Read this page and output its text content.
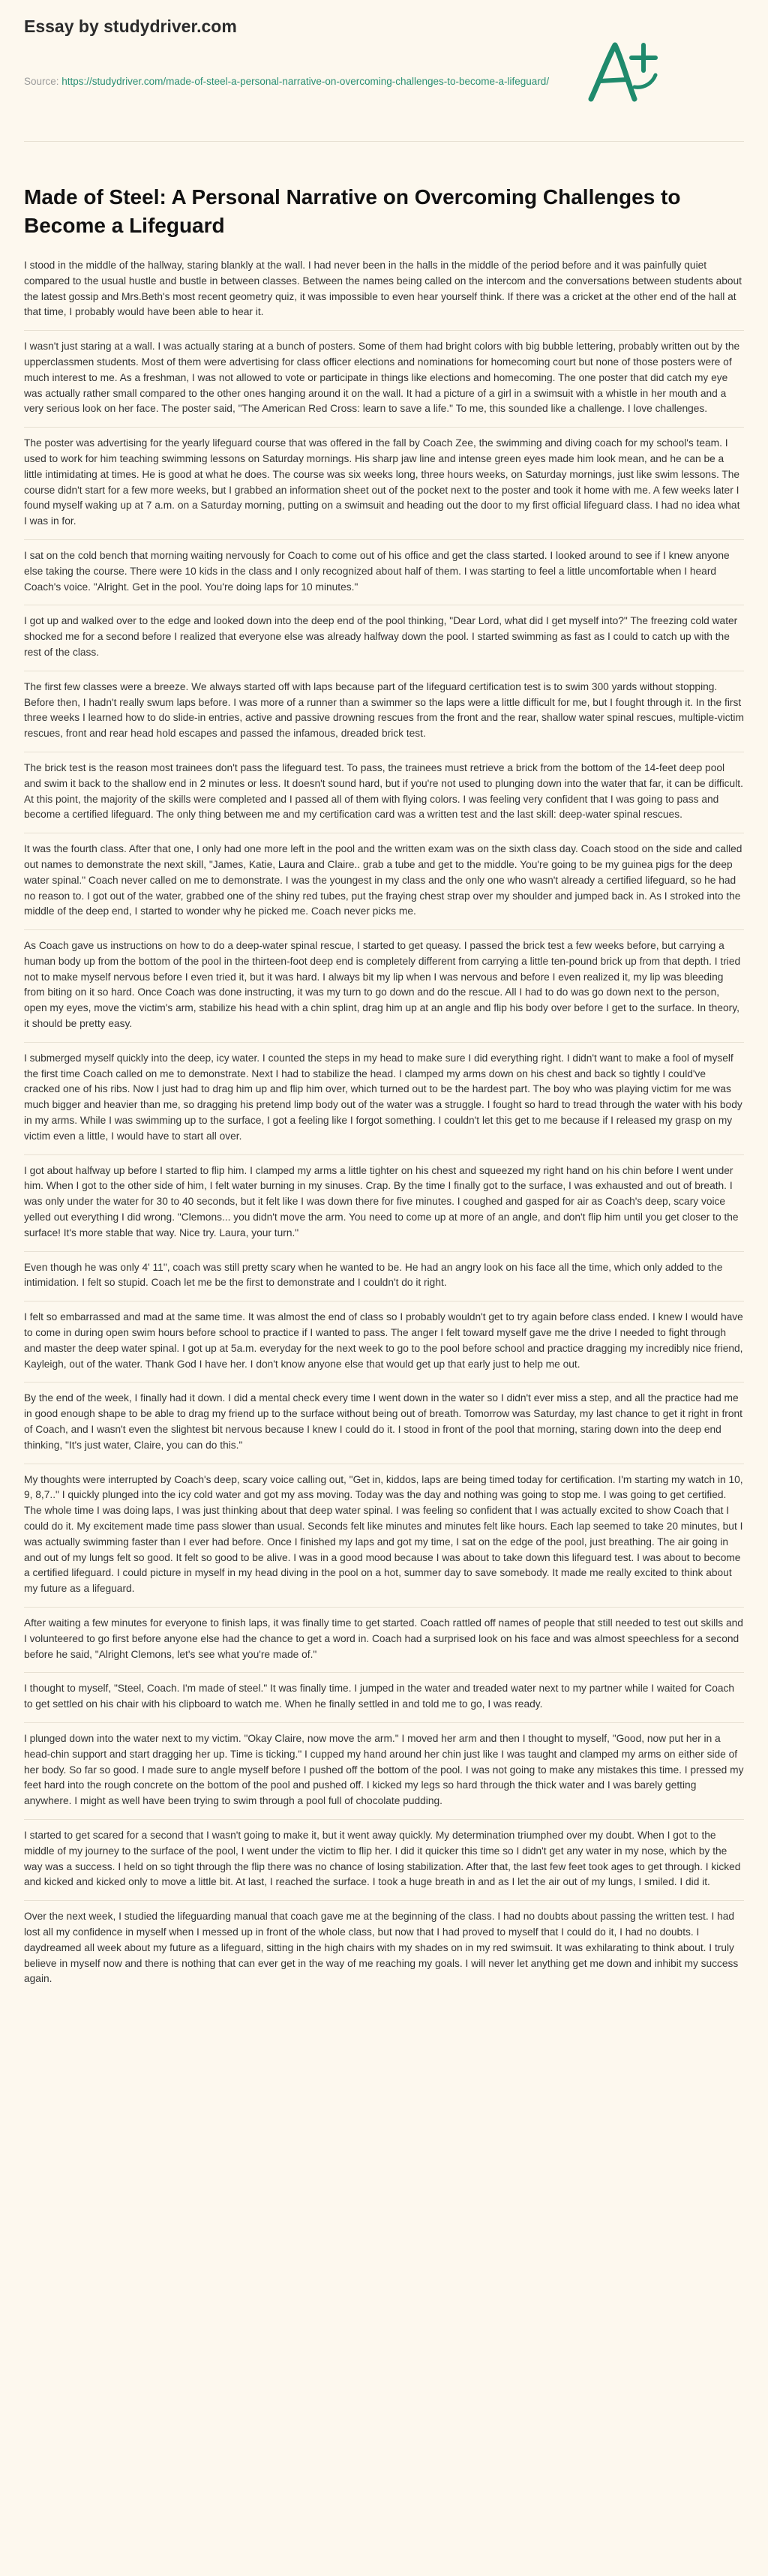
Essay by studydriver.com
Source: https://studydriver.com/made-of-steel-a-personal-narrative-on-overcoming-challenges-to-become-a-lifeguard/
Made of Steel: A Personal Narrative on Overcoming Challenges to Become a Lifeguard

I stood in the middle of the hallway, staring blankly at the wall. I had never been in the halls in the middle of the period before and it was painfully quiet compared to the usual hustle and bustle in between classes. Between the names being called on the intercom and the conversations between students about the latest gossip and Mrs.Beth's most recent geometry quiz, it was impossible to even hear yourself think. If there was a cricket at the other end of the hall at that time, I probably would have been able to hear it.

I wasn't just staring at a wall. I was actually staring at a bunch of posters. Some of them had bright colors with big bubble lettering, probably written out by the upperclassmen students. Most of them were advertising for class officer elections and nominations for homecoming court but none of those posters were of much interest to me. As a freshman, I was not allowed to vote or participate in things like elections and homecoming. The one poster that did catch my eye was actually rather small compared to the other ones hanging around it on the wall. It had a picture of a girl in a swimsuit with a whistle in her mouth and a very serious look on her face. The poster said, "The American Red Cross: learn to save a life." To me, this sounded like a challenge. I love challenges.

The poster was advertising for the yearly lifeguard course that was offered in the fall by Coach Zee, the swimming and diving coach for my school's team. I used to work for him teaching swimming lessons on Saturday mornings. His sharp jaw line and intense green eyes made him look mean, and he can be a little intimidating at times. He is good at what he does. The course was six weeks long, three hours weeks, on Saturday mornings, just like swim lessons. The course didn't start for a few more weeks, but I grabbed an information sheet out of the pocket next to the poster and took it home with me. A few weeks later I found myself waking up at 7 a.m. on a Saturday morning, putting on a swimsuit and heading out the door to my first official lifeguard class. I had no idea what I was in for.

I sat on the cold bench that morning waiting nervously for Coach to come out of his office and get the class started. I looked around to see if I knew anyone else taking the course. There were 10 kids in the class and I only recognized about half of them. I was starting to feel a little uncomfortable when I heard Coach's voice. "Alright. Get in the pool. You're doing laps for 10 minutes."

I got up and walked over to the edge and looked down into the deep end of the pool thinking, "Dear Lord, what did I get myself into?" The freezing cold water shocked me for a second before I realized that everyone else was already halfway down the pool. I started swimming as fast as I could to catch up with the rest of the class.

The first few classes were a breeze. We always started off with laps because part of the lifeguard certification test is to swim 300 yards without stopping. Before then, I hadn't really swum laps before. I was more of a runner than a swimmer so the laps were a little difficult for me, but I fought through it. In the first three weeks I learned how to do slide-in entries, active and passive drowning rescues from the front and the rear, shallow water spinal rescues, multiple-victim rescues, front and rear head hold escapes and passed the infamous, dreaded brick test.

The brick test is the reason most trainees don't pass the lifeguard test. To pass, the trainees must retrieve a brick from the bottom of the 14-feet deep pool and swim it back to the shallow end in 2 minutes or less. It doesn't sound hard, but if you're not used to plunging down into the water that far, it can be difficult. At this point, the majority of the skills were completed and I passed all of them with flying colors. I was feeling very confident that I was going to pass and become a certified lifeguard. The only thing between me and my certification card was a written test and the last skill: deep-water spinal rescues.

It was the fourth class. After that one, I only had one more left in the pool and the written exam was on the sixth class day. Coach stood on the side and called out names to demonstrate the next skill, "James, Katie, Laura and Claire.. grab a tube and get to the middle. You're going to be my guinea pigs for the deep water spinal." Coach never called on me to demonstrate. I was the youngest in my class and the only one who wasn't already a certified lifeguard, so he had no reason to. I got out of the water, grabbed one of the shiny red tubes, put the fraying chest strap over my shoulder and jumped back in. As I stroked into the middle of the deep end, I started to wonder why he picked me. Coach never picks me.

As Coach gave us instructions on how to do a deep-water spinal rescue, I started to get queasy. I passed the brick test a few weeks before, but carrying a human body up from the bottom of the pool in the thirteen-foot deep end is completely different from carrying a little ten-pound brick up from that depth. I tried not to make myself nervous before I even tried it, but it was hard. I always bit my lip when I was nervous and before I even realized it, my lip was bleeding from biting on it so hard. Once Coach was done instructing, it was my turn to go down and do the rescue. All I had to do was go down next to the person, open my eyes, move the victim's arm, stabilize his head with a chin splint, drag him up at an angle and flip his body over before I get to the surface. In theory, it should be pretty easy.

I submerged myself quickly into the deep, icy water. I counted the steps in my head to make sure I did everything right. I didn't want to make a fool of myself the first time Coach called on me to demonstrate. Next I had to stabilize the head. I clamped my arms down on his chest and back so tightly I could've cracked one of his ribs. Now I just had to drag him up and flip him over, which turned out to be the hardest part. The boy who was playing victim for me was much bigger and heavier than me, so dragging his pretend limp body out of the water was a struggle. I fought so hard to tread through the water with his body in my arms. While I was swimming up to the surface, I got a feeling like I forgot something. I couldn't let this get to me because if I released my grasp on my victim even a little, I would have to start all over.

I got about halfway up before I started to flip him. I clamped my arms a little tighter on his chest and squeezed my right hand on his chin before I went under him. When I got to the other side of him, I felt water burning in my sinuses. Crap. By the time I finally got to the surface, I was exhausted and out of breath. I was only under the water for 30 to 40 seconds, but it felt like I was down there for five minutes. I coughed and gasped for air as Coach's deep, scary voice yelled out everything I did wrong. "Clemons... you didn't move the arm. You need to come up at more of an angle, and don't flip him until you get closer to the surface! It's more stable that way. Nice try. Laura, your turn."

Even though he was only 4' 11", coach was still pretty scary when he wanted to be. He had an angry look on his face all the time, which only added to the intimidation. I felt so stupid. Coach let me be the first to demonstrate and I couldn't do it right.

I felt so embarrassed and mad at the same time. It was almost the end of class so I probably wouldn't get to try again before class ended. I knew I would have to come in during open swim hours before school to practice if I wanted to pass. The anger I felt toward myself gave me the drive I needed to fight through and master the deep water spinal. I got up at 5a.m. everyday for the next week to go to the pool before school and practice dragging my incredibly nice friend, Kayleigh, out of the water. Thank God I have her. I don't know anyone else that would get up that early just to help me out.

By the end of the week, I finally had it down. I did a mental check every time I went down in the water so I didn't ever miss a step, and all the practice had me in good enough shape to be able to drag my friend up to the surface without being out of breath. Tomorrow was Saturday, my last chance to get it right in front of Coach, and I wasn't even the slightest bit nervous because I knew I could do it. I stood in front of the pool that morning, staring down into the deep end thinking, "It's just water, Claire, you can do this."

My thoughts were interrupted by Coach's deep, scary voice calling out, "Get in, kiddos, laps are being timed today for certification. I'm starting my watch in 10, 9, 8,7.." I quickly plunged into the icy cold water and got my ass moving. Today was the day and nothing was going to stop me. I was going to get certified. The whole time I was doing laps, I was just thinking about that deep water spinal. I was feeling so confident that I was actually excited to show Coach that I could do it. My excitement made time pass slower than usual. Seconds felt like minutes and minutes felt like hours. Each lap seemed to take 20 minutes, but I was actually swimming faster than I ever had before. Once I finished my laps and got my time, I sat on the edge of the pool, just breathing. The air going in and out of my lungs felt so good. It felt so good to be alive. I was in a good mood because I was about to take down this lifeguard test. I was about to become a certified lifeguard. I could picture in myself in my head diving in the pool on a hot, summer day to save somebody. It made me really excited to think about my future as a lifeguard.

After waiting a few minutes for everyone to finish laps, it was finally time to get started. Coach rattled off names of people that still needed to test out skills and I volunteered to go first before anyone else had the chance to get a word in. Coach had a surprised look on his face and was almost speechless for a second before he said, "Alright Clemons, let's see what you're made of."

I thought to myself, "Steel, Coach. I'm made of steel." It was finally time. I jumped in the water and treaded water next to my partner while I waited for Coach to get settled on his chair with his clipboard to watch me. When he finally settled in and told me to go, I was ready.

I plunged down into the water next to my victim. "Okay Claire, now move the arm." I moved her arm and then I thought to myself, "Good, now put her in a head-chin support and start dragging her up. Time is ticking." I cupped my hand around her chin just like I was taught and clamped my arms on either side of her body. So far so good. I made sure to angle myself before I pushed off the bottom of the pool. I was not going to make any mistakes this time. I pressed my feet hard into the rough concrete on the bottom of the pool and pushed off. I kicked my legs so hard through the thick water and I was barely getting anywhere. I might as well have been trying to swim through a pool full of chocolate pudding.

I started to get scared for a second that I wasn't going to make it, but it went away quickly. My determination triumphed over my doubt. When I got to the middle of my journey to the surface of the pool, I went under the victim to flip her. I did it quicker this time so I didn't get any water in my nose, which by the way was a success. I held on so tight through the flip there was no chance of losing stabilization. After that, the last few feet took ages to get through. I kicked and kicked and kicked only to move a little bit. At last, I reached the surface. I took a huge breath in and as I let the air out of my lungs, I smiled. I did it.

Over the next week, I studied the lifeguarding manual that coach gave me at the beginning of the class. I had no doubts about passing the written test. I had lost all my confidence in myself when I messed up in front of the whole class, but now that I had proved to myself that I could do it, I had no doubts. I daydreamed all week about my future as a lifeguard, sitting in the high chairs with my shades on in my red swimsuit. It was exhilarating to think about. I truly believe in myself now and there is nothing that can ever get in the way of me reaching my goals. I will never let anything get me down and inhibit my success again.
